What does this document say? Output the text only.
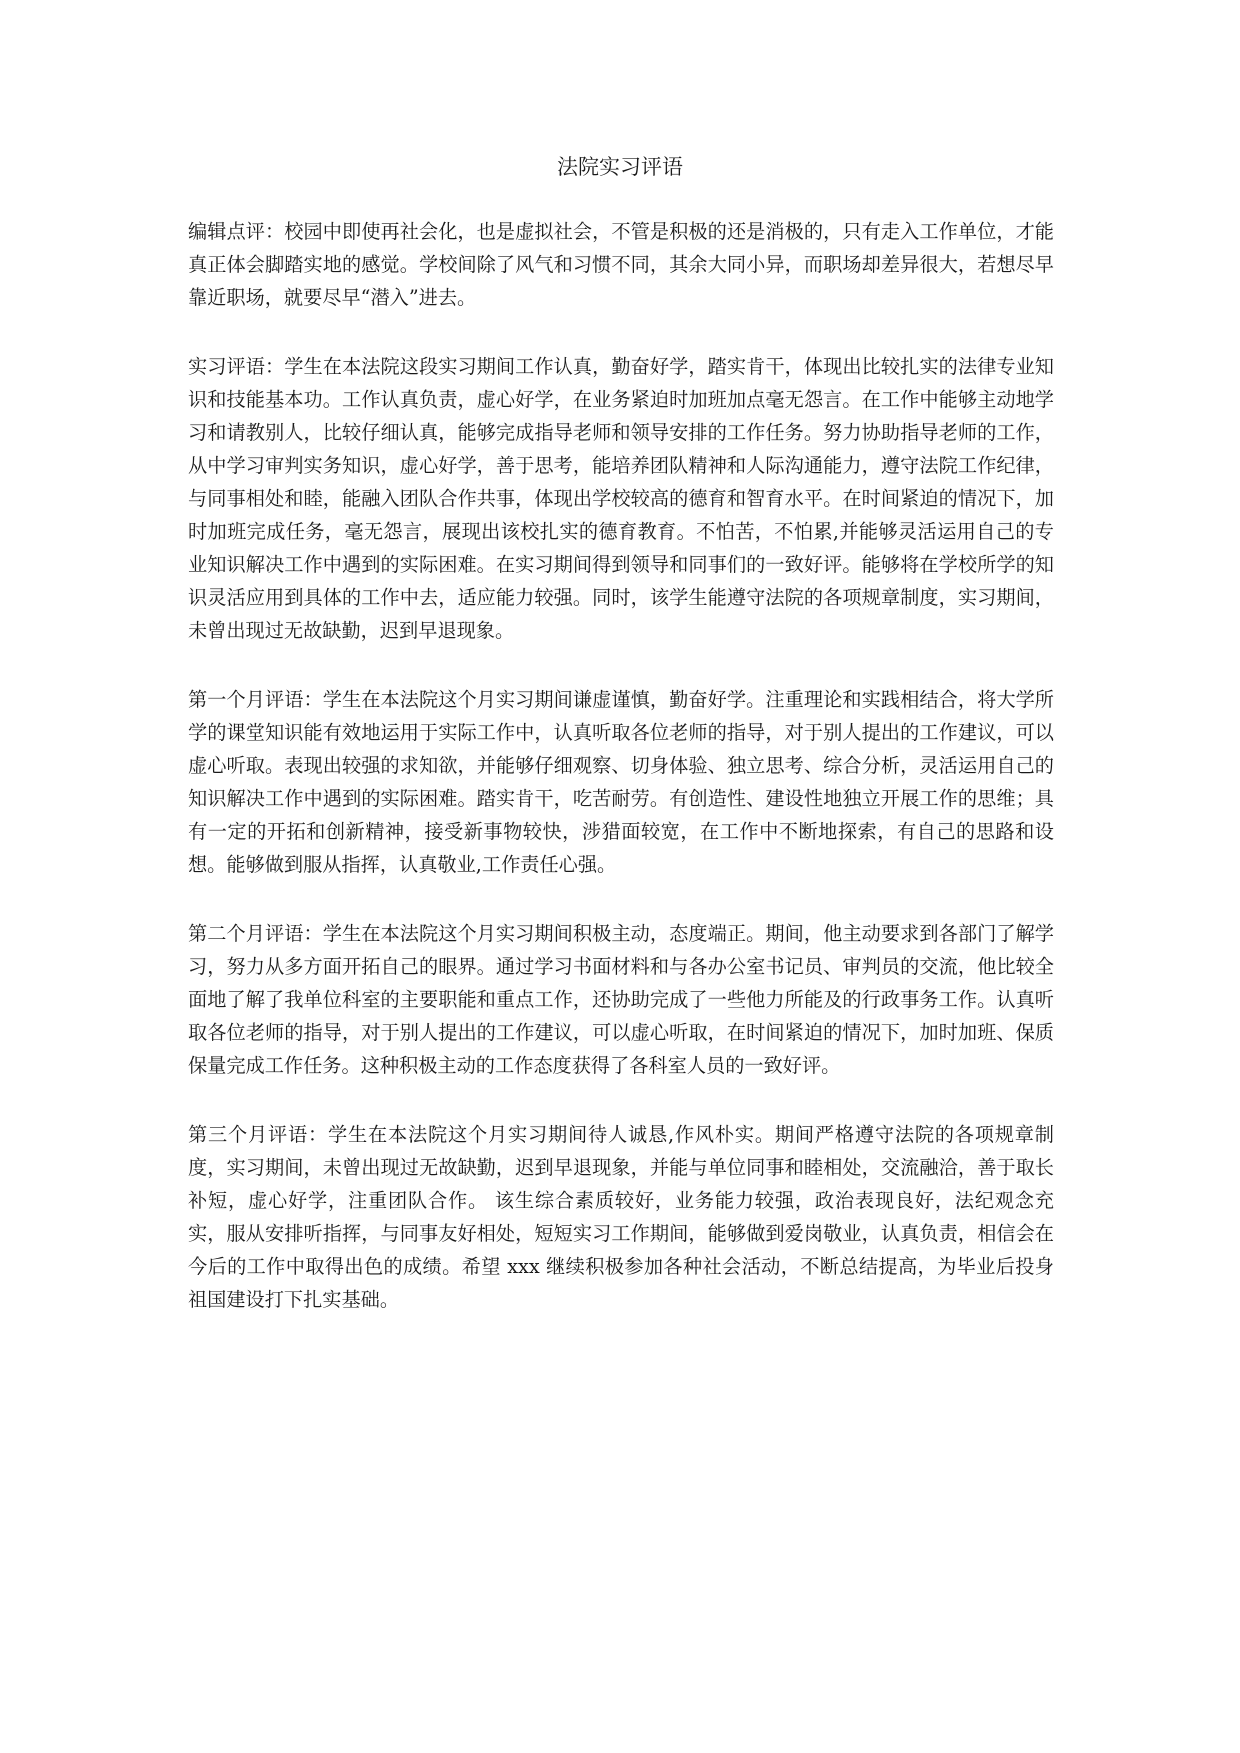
法院实习评语

编辑点评：校园中即使再社会化，也是虚拟社会，不管是积极的还是消极的，只有走入工作单位，才能真正体会脚踏实地的感觉。学校间除了风气和习惯不同，其余大同小异，而职场却差异很大，若想尽早靠近职场，就要尽早“潜入”进去。

实习评语：学生在本法院这段实习期间工作认真，勤奋好学，踏实肯干，体现出比较扎实的法律专业知识和技能基本功。工作认真负责，虚心好学，在业务紧迫时加班加点毫无怨言。在工作中能够主动地学习和请教别人，比较仔细认真，能够完成指导老师和领导安排的工作任务。努力协助指导老师的工作，从中学习审判实务知识，虚心好学，善于思考，能培养团队精神和人际沟通能力，遵守法院工作纪律，与同事相处和睦，能融入团队合作共事，体现出学校较高的德育和智育水平。在时间紧迫的情况下，加时加班完成任务，毫无怨言，展现出该校扎实的德育教育。不怕苦，不怕累,并能够灵活运用自己的专业知识解决工作中遇到的实际困难。在实习期间得到领导和同事们的一致好评。能够将在学校所学的知识灵活应用到具体的工作中去，适应能力较强。同时，该学生能遵守法院的各项规章制度，实习期间，未曾出现过无故缺勤，迟到早退现象。

第一个月评语：学生在本法院这个月实习期间谦虚谨慎，勤奋好学。注重理论和实践相结合，将大学所学的课堂知识能有效地运用于实际工作中，认真听取各位老师的指导，对于别人提出的工作建议，可以虚心听取。表现出较强的求知欲，并能够仔细观察、切身体验、独立思考、综合分析，灵活运用自己的知识解决工作中遇到的实际困难。踏实肯干，吃苦耐劳。有创造性、建设性地独立开展工作的思维；具有一定的开拓和创新精神，接受新事物较快，涉猎面较宽，在工作中不断地探索，有自己的思路和设想。能够做到服从指挥，认真敬业,工作责任心强。

第二个月评语：学生在本法院这个月实习期间积极主动，态度端正。期间，他主动要求到各部门了解学习，努力从多方面开拓自己的眼界。通过学习书面材料和与各办公室书记员、审判员的交流，他比较全面地了解了我单位科室的主要职能和重点工作，还协助完成了一些他力所能及的行政事务工作。认真听取各位老师的指导，对于别人提出的工作建议，可以虚心听取，在时间紧迫的情况下，加时加班、保质保量完成工作任务。这种积极主动的工作态度获得了各科室人员的一致好评。

第三个月评语：学生在本法院这个月实习期间待人诚恳,作风朴实。期间严格遵守法院的各项规章制度，实习期间，未曾出现过无故缺勤，迟到早退现象，并能与单位同事和睦相处，交流融洽，善于取长补短，虚心好学，注重团队合作。 该生综合素质较好，业务能力较强，政治表现良好，法纪观念充实，服从安排听指挥，与同事友好相处，短短实习工作期间，能够做到爱岗敬业，认真负责，相信会在今后的工作中取得出色的成绩。希望 xxx 继续积极参加各种社会活动，不断总结提高，为毕业后投身祖国建设打下扎实基础。
